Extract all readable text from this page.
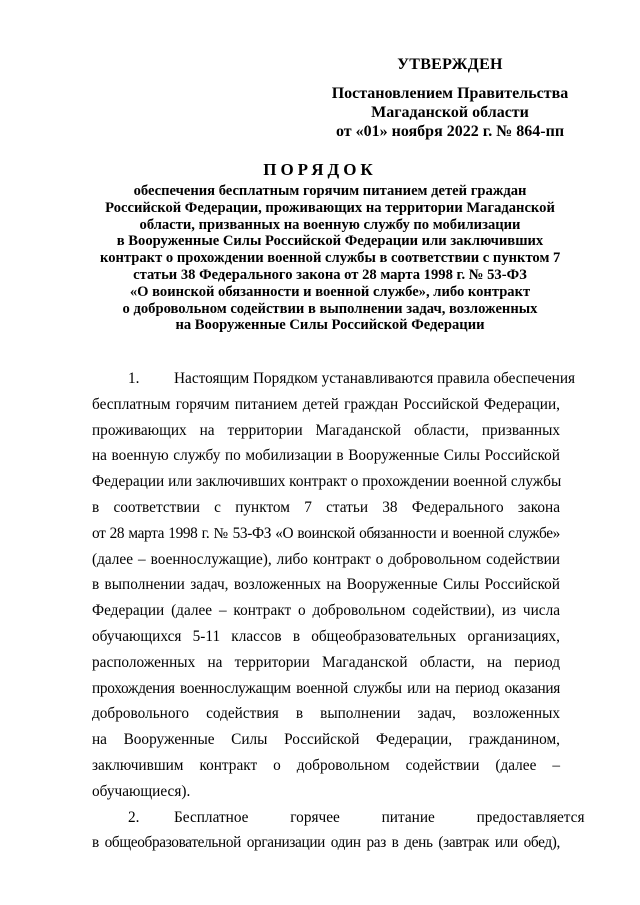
УТВЕРЖДЕН
Постановлением Правительства
Магаданской области
от «01» ноября 2022 г. № 864-пп
ПОРЯДОК
обеспечения бесплатным горячим питанием детей граждан
Российской Федерации, проживающих на территории Магаданской
области, призванных на военную службу по мобилизации
в Вооруженные Силы Российской Федерации или заключивших
контракт о прохождении военной службы в соответствии с пунктом 7
статьи 38 Федерального закона от 28 марта 1998 г. № 53-ФЗ
«О воинской обязанности и военной службе», либо контракт
о добровольном содействии в выполнении задач, возложенных
на Вооруженные Силы Российской Федерации
1. Настоящим Порядком устанавливаются правила обеспечения
бесплатным горячим питанием детей граждан Российской Федерации,
проживающих на территории Магаданской области, призванных
на военную службу по мобилизации в Вооруженные Силы Российской
Федерации или заключивших контракт о прохождении военной службы
в соответствии с пунктом 7 статьи 38 Федерального закона
от 28 марта 1998 г. № 53-ФЗ «О воинской обязанности и военной службе»
(далее – военнослужащие), либо контракт о добровольном содействии
в выполнении задач, возложенных на Вооруженные Силы Российской
Федерации (далее – контракт о добровольном содействии), из числа
обучающихся 5-11 классов в общеобразовательных организациях,
расположенных на территории Магаданской области, на период
прохождения военнослужащим военной службы или на период оказания
добровольного содействия в выполнении задач, возложенных
на Вооруженные Силы Российской Федерации, гражданином,
заключившим контракт о добровольном содействии (далее –
обучающиеся).
2. Бесплатное горячее питание предоставляется
в общеобразовательной организации один раз в день (завтрак или обед),
